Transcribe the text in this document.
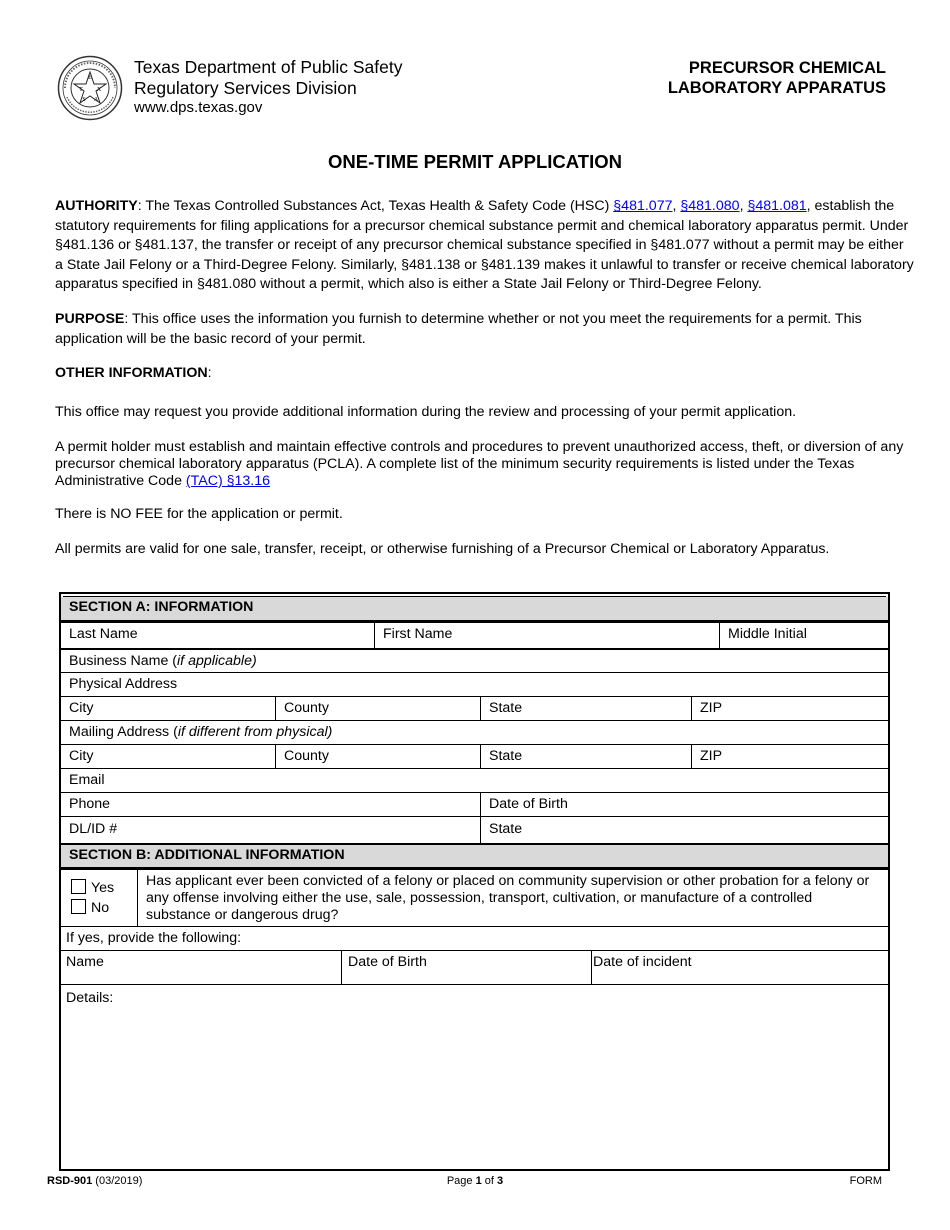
E
T X
S A
Texas Department of Public Safety
Regulatory Services Division
www.dps.texas.gov
PRECURSOR CHEMICAL
LABORATORY APPARATUS
ONE-TIME PERMIT APPLICATION
AUTHORITY: The Texas Controlled Substances Act, Texas Health & Safety Code (HSC) §481.077, §481.080, §481.081, establish the statutory requirements for filing applications for a precursor chemical substance permit and chemical laboratory apparatus permit. Under §481.136 or §481.137, the transfer or receipt of any precursor chemical substance specified in §481.077 without a permit may be either a State Jail Felony or a Third-Degree Felony. Similarly, §481.138 or §481.139 makes it unlawful to transfer or receive chemical laboratory apparatus specified in §481.080 without a permit, which also is either a State Jail Felony or Third-Degree Felony.
PURPOSE: This office uses the information you furnish to determine whether or not you meet the requirements for a permit. This application will be the basic record of your permit.
OTHER INFORMATION:
This office may request you provide additional information during the review and processing of your permit application.
A permit holder must establish and maintain effective controls and procedures to prevent unauthorized access, theft, or diversion of any precursor chemical laboratory apparatus (PCLA). A complete list of the minimum security requirements is listed under the Texas Administrative Code (TAC) §13.16
There is NO FEE for the application or permit.
All permits are valid for one sale, transfer, receipt, or otherwise furnishing of a Precursor Chemical or Laboratory Apparatus.
SECTION A: INFORMATION
Last Name	First Name	Middle Initial
Business Name (if applicable)
Physical Address
City	County	State	ZIP
Mailing Address (if different from physical)
City	County	State	ZIP
Email
Phone	Date of Birth
DL/ID #	State
SECTION B: ADDITIONAL INFORMATION
Yes
No
Has applicant ever been convicted of a felony or placed on community supervision or other probation for a felony or any offense involving either the use, sale, possession, transport, cultivation, or manufacture of a controlled substance or dangerous drug?
If yes, provide the following:
Name	Date of Birth	Date of incident
Details:
RSD-901 (03/2019)	Page 1 of 3	FORM
